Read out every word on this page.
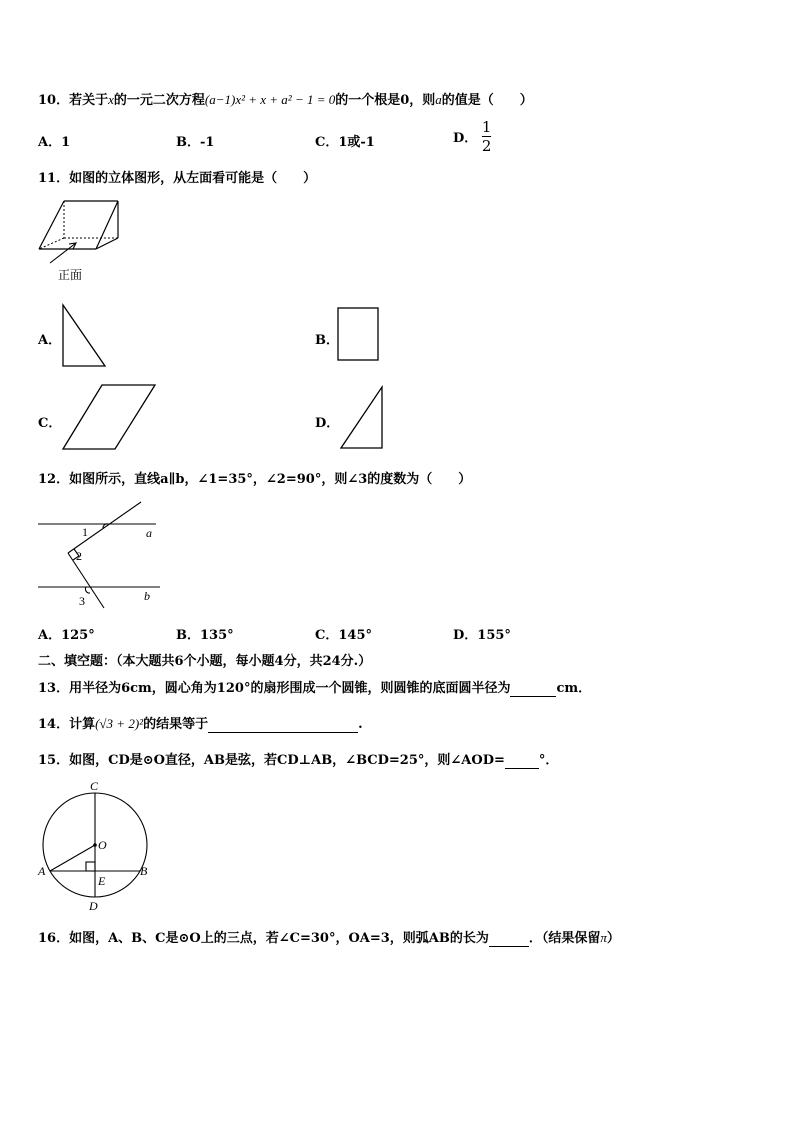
10．若关于x的一元二次方程(a−1)x² + x + a² − 1 = 0的一个根是0，则a的值是（　　）
A．1	B．-1	C．1或-1	D． $\frac{1}{2}$
11．如图的立体图形，从左面看可能是（　　）
正面
A．	B．
C．	D．
12．如图所示，直线a∥b，∠1=35°，∠2=90°，则∠3的度数为（　　）
1
2
3
a
b
A．125°	B．135°	C．145°	D．155°
二、填空题：（本大题共6个小题，每小题4分，共24分.）
13．用半径为6cm，圆心角为120°的扇形围成一个圆锥，则圆锥的底面圆半径为	cm．
14．计算(√3 + 2)²的结果等于	.
15．如图，CD是⊙O直径，AB是弦，若CD⊥AB，∠BCD=25°，则∠AOD=	°．
C
O
A	B
E
D
16．如图，A、B、C是⊙O上的三点，若∠C=30°，OA=3，则弧AB的长为	．（结果保留π）
